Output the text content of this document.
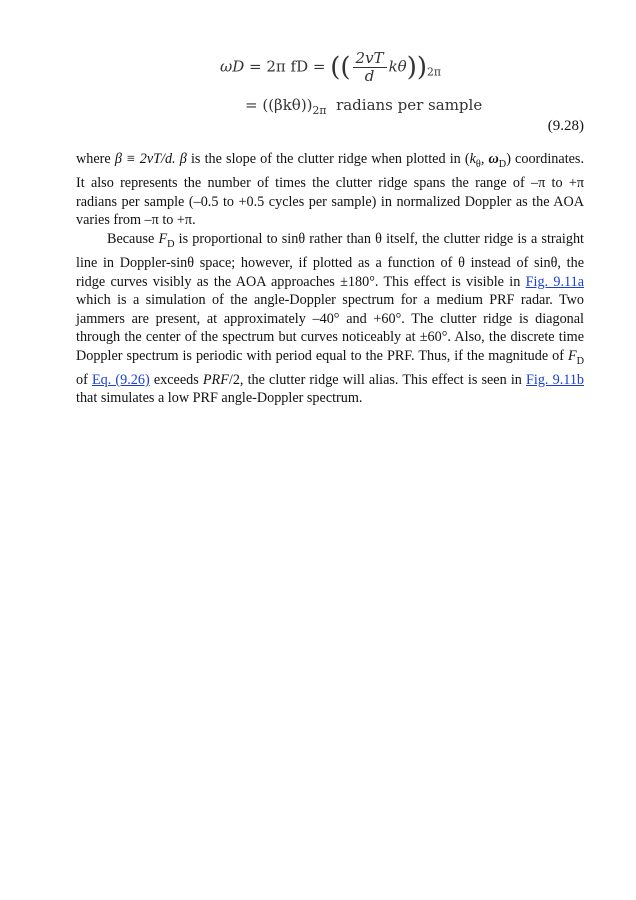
ωD = 2π fD = (( $\frac{2vT}{d} k\theta))_{2\pi}$
= $((\beta k\theta))_{2\pi}$ radians per sample
(9.28)

where β ≡ 2vT/d. β is the slope of the clutter ridge when plotted in ($k_\theta$, $\omega_D$) coordinates. It also represents the number of times the clutter ridge spans the range of –π to +π radians per sample (–0.5 to +0.5 cycles per sample) in normalized Doppler as the AOA varies from –π to +π.

Because $F_D$ is proportional to sinθ rather than θ itself, the clutter ridge is a straight line in Doppler-sinθ space; however, if plotted as a function of θ instead of sinθ, the ridge curves visibly as the AOA approaches ±180°. This effect is visible in Fig. 9.11a which is a simulation of the angle-Doppler spectrum for a medium PRF radar. Two jammers are present, at approximately –40° and +60°. The clutter ridge is diagonal through the center of the spectrum but curves noticeably at ±60°. Also, the discrete time Doppler spectrum is periodic with period equal to the PRF. Thus, if the magnitude of $F_D$ of Eq. (9.26) exceeds PRF/2, the clutter ridge will alias. This effect is seen in Fig. 9.11b that simulates a low PRF angle-Doppler spectrum.
